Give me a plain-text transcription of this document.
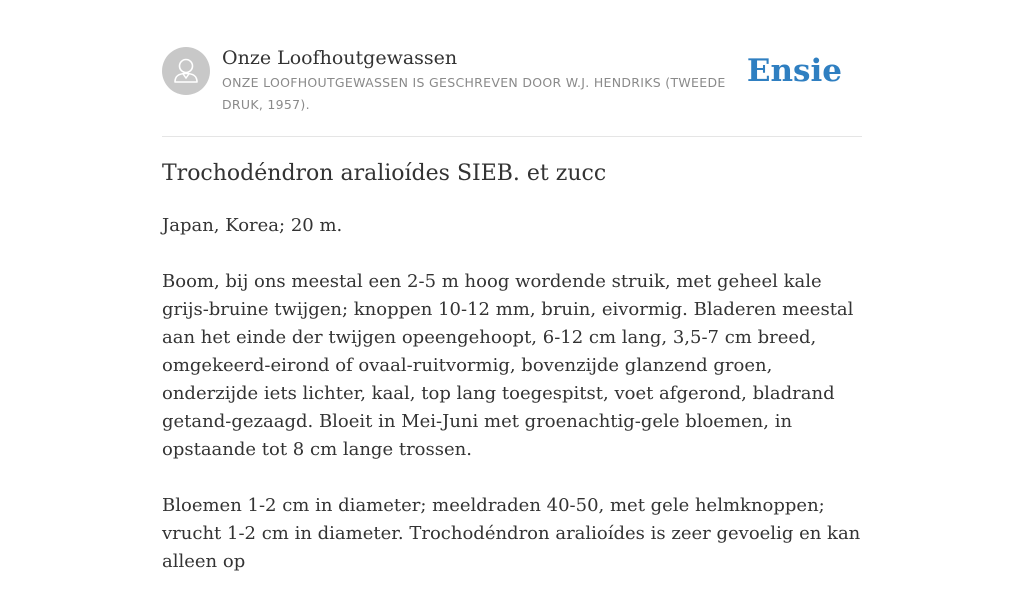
Onze Loofhoutgewassen
ONZE LOOFHOUTGEWASSEN IS GESCHREVEN DOOR W.J. HENDRIKS (TWEEDE DRUK, 1957).
Ensie
Trochodéndron aralioídes SIEB. et zucc

Japan, Korea; 20 m.

Boom, bij ons meestal een 2-5 m hoog wordende struik, met geheel kale grijs-bruine twijgen; knoppen 10-12 mm, bruin, eivormig. Bladeren meestal aan het einde der twijgen opeengehoopt, 6-12 cm lang, 3,5-7 cm breed, omgekeerd-eirond of ovaal-ruitvormig, bovenzijde glanzend groen, onderzijde iets lichter, kaal, top lang toegespitst, voet afgerond, bladrand getand-gezaagd. Bloeit in Mei-Juni met groenachtig-gele bloemen, in opstaande tot 8 cm lange trossen.

Bloemen 1-2 cm in diameter; meeldraden 40-50, met gele helmknoppen; vrucht 1-2 cm in diameter. Trochodéndron aralioídes is zeer gevoelig en kan alleen op
